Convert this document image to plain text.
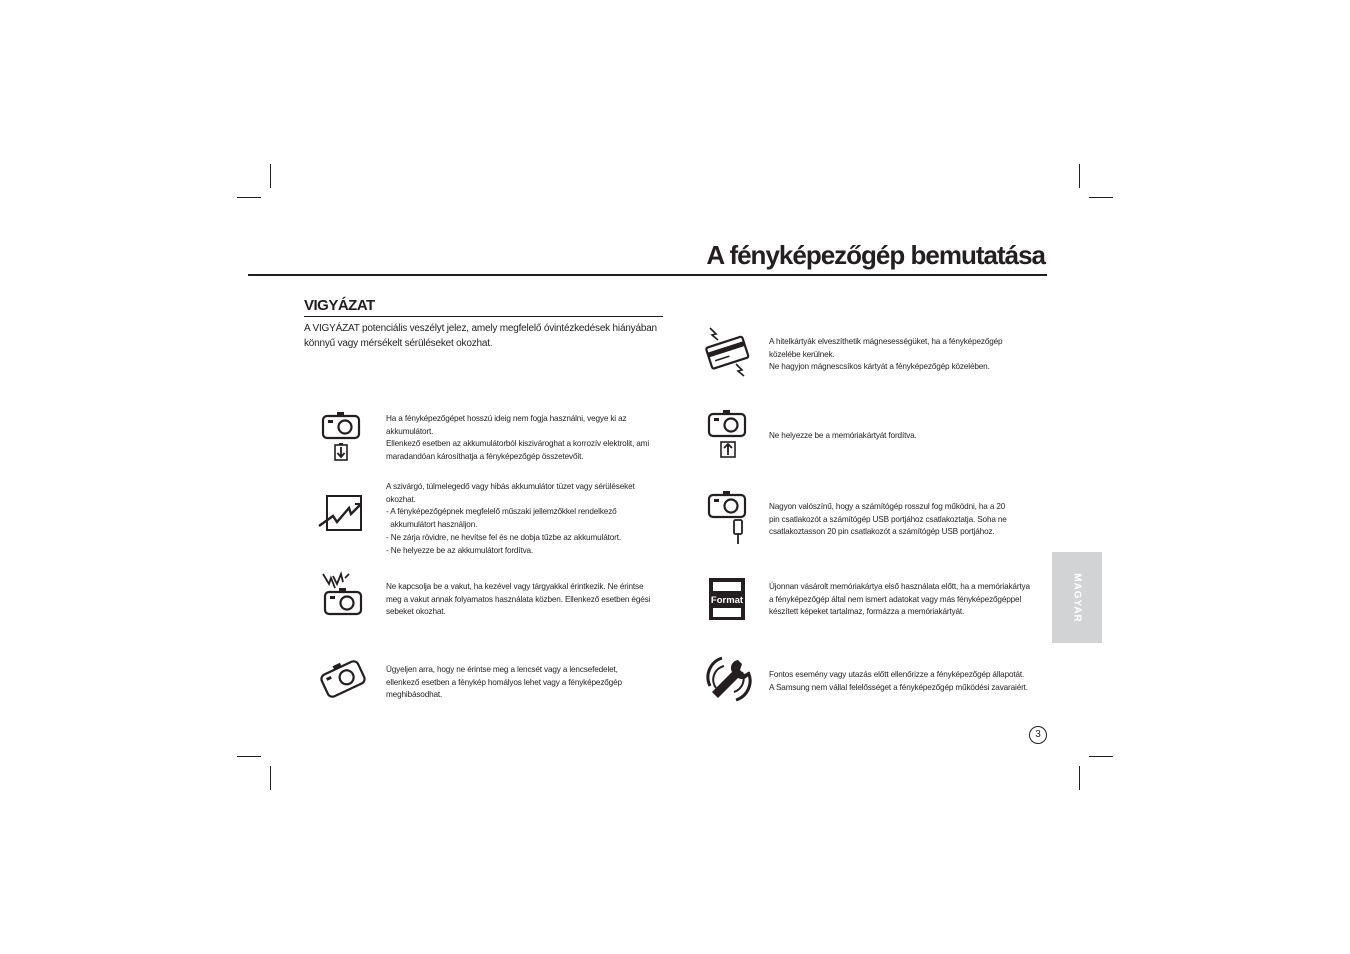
A fényképezőgép bemutatása
VIGYÁZAT

A VIGYÁZAT potenciális veszélyt jelez, amely megfelelő óvintézkedések hiányában könnyű vagy mérsékelt sérüléseket okozhat.

Ha a fényképezőgépet hosszú ideig nem fogja használni, vegye ki az

akkumulátort.

Ellenkező esetben az akkumulátorból kiszivároghat a korrozív elektrolit, ami

maradandóan károsíthatja a fényképezőgép összetevőit.

A szivárgó, túlmelegedő vagy hibás akkumulátor tüzet vagy sérüléseket

okozhat.

- A fényképezőgépnek megfelelő műszaki jellemzőkkel rendelkező

akkumulátort használjon.

- Ne zárja rövidre, ne hevítse fel és ne dobja tűzbe az akkumulátort.

- Ne helyezze be az akkumulátort fordítva.

Ne kapcsolja be a vakut, ha kezével vagy tárgyakkal érintkezik. Ne érintse

meg a vakut annak folyamatos használata közben. Ellenkező esetben égési

sebeket okozhat.

Ügyeljen arra, hogy ne érintse meg a lencsét vagy a lencsefedelet,

ellenkező esetben a fénykép homályos lehet vagy a fényképezőgép

meghibásodhat.

A hitelkártyák elveszíthetik mágnesességüket, ha a fényképezőgép

közelébe kerülnek.

Ne hagyjon mágnescsíkos kártyát a fényképezőgép közelében.

Ne helyezze be a memóriakártyát fordítva.

Nagyon valószínű, hogy a számítógép rosszul fog működni, ha a 20

pin csatlakozót a számítógép USB portjához csatlakoztatja. Soha ne

csatlakoztasson 20 pin csatlakozót a számítógép USB portjához.

Format

Újonnan vásárolt memóriakártya első használata előtt, ha a memóriakártya

a fényképezőgép által nem ismert adatokat vagy más fényképezőgéppel

készített képeket tartalmaz, formázza a memóriakártyát.

Fontos esemény vagy utazás előtt ellenőrizze a fényképezőgép állapotát.

A Samsung nem vállal felelősséget a fényképezőgép működési zavaraiért.

MAGYAR
3
